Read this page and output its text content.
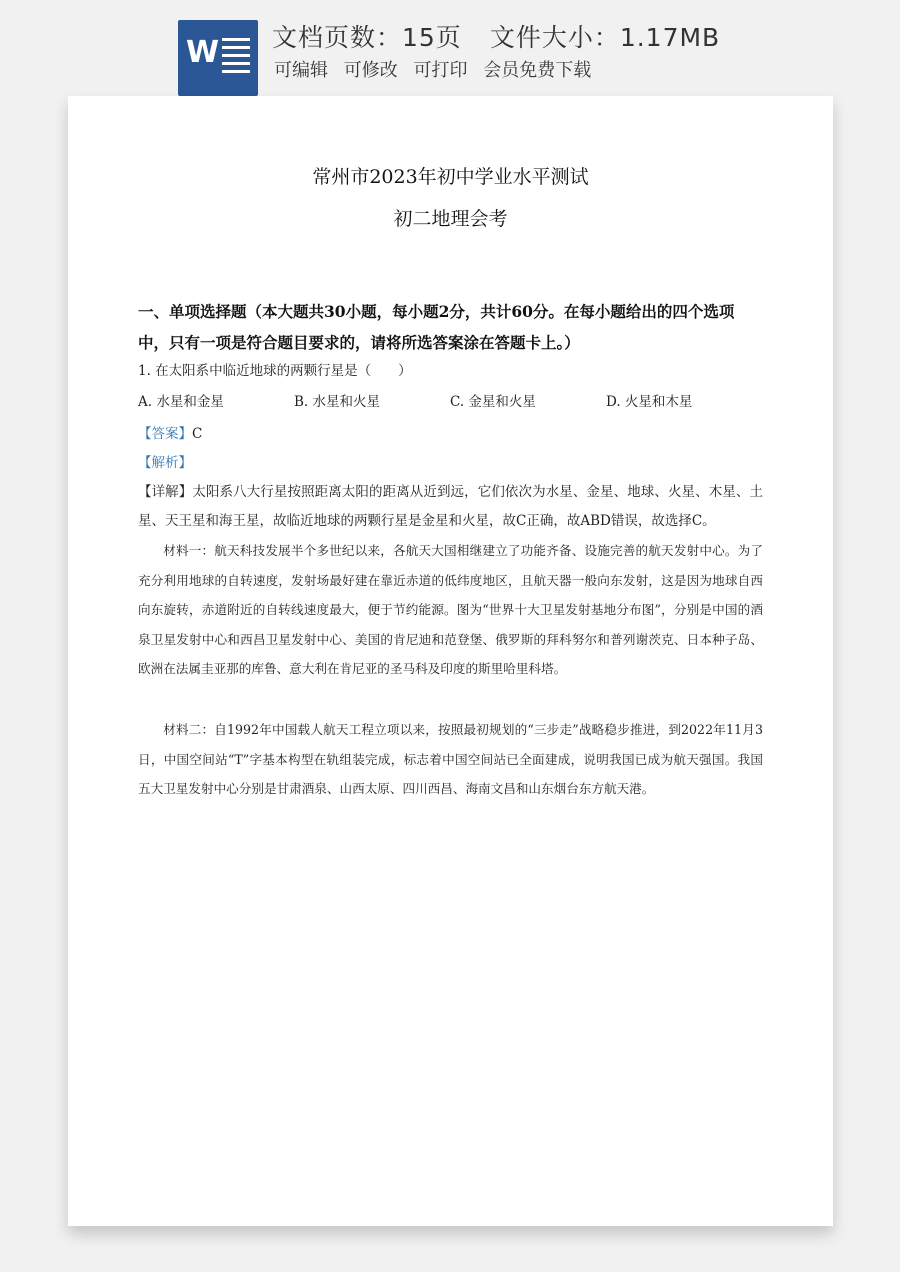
W 文档页数：15页 文件大小：1.17MB
可编辑 可修改 可打印 会员免费下载
常州市2023年初中学业水平测试
初二地理会考
一、单项选择题（本大题共30小题，每小题2分，共计60分。在每小题给出的四个选项中，只有一项是符合题目要求的，请将所选答案涂在答题卡上。）
1. 在太阳系中临近地球的两颗行星是（　　）
A. 水星和金星	B. 水星和火星	C. 金星和火星	D. 火星和木星
【答案】C
【解析】
【详解】太阳系八大行星按照距离太阳的距离从近到远，它们依次为水星、金星、地球、火星、木星、土星、天王星和海王星，故临近地球的两颗行星是金星和火星，故C正确，故ABD错误，故选择C。
材料一：航天科技发展半个多世纪以来，各航天大国相继建立了功能齐备、设施完善的航天发射中心。为了充分利用地球的自转速度，发射场最好建在靠近赤道的低纬度地区，且航天器一般向东发射，这是因为地球自西向东旋转，赤道附近的自转线速度最大，便于节约能源。图为“世界十大卫星发射基地分布图”，分别是中国的酒泉卫星发射中心和西昌卫星发射中心、美国的肯尼迪和范登堡、俄罗斯的拜科努尔和普列谢茨克、日本种子岛、欧洲在法属圭亚那的库鲁、意大利在肯尼亚的圣马科及印度的斯里哈里科塔。
材料二：自1992年中国载人航天工程立项以来，按照最初规划的“三步走”战略稳步推进，到2022年11月3日，中国空间站“T”字基本构型在轨组装完成，标志着中国空间站已全面建成，说明我国已成为航天强国。我国五大卫星发射中心分别是甘肃酒泉、山西太原、四川西昌、海南文昌和山东烟台东方航天港。
